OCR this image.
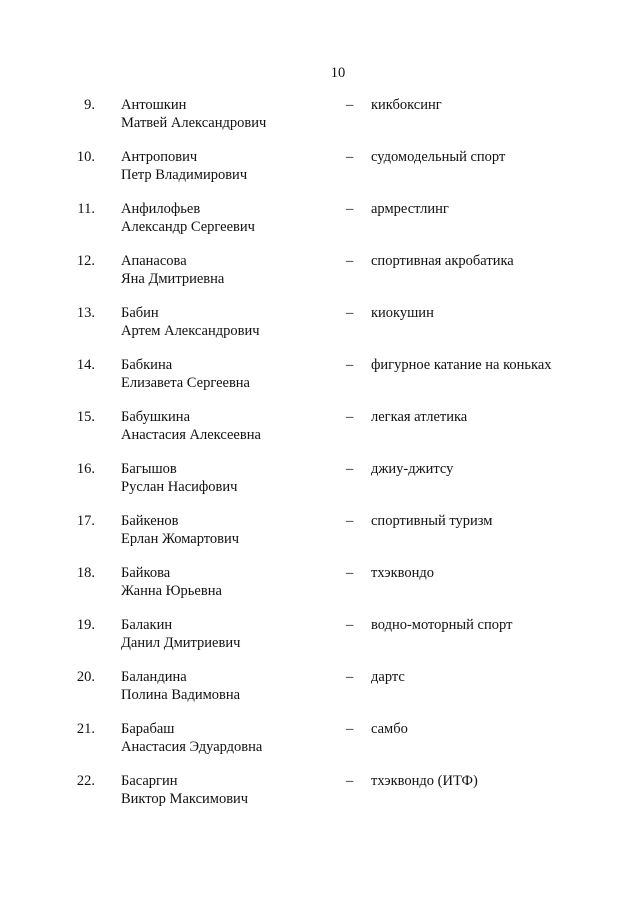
10
9. Антошкин
Матвей Александрович
– кикбоксинг
10. Антропович
Петр Владимирович
– судомодельный спорт
11. Анфилофьев
Александр Сергеевич
– армрестлинг
12. Апанасова
Яна Дмитриевна
– спортивная акробатика
13. Бабин
Артем Александрович
– киокушин
14. Бабкина
Елизавета Сергеевна
– фигурное катание на коньках
15. Бабушкина
Анастасия Алексеевна
– легкая атлетика
16. Багышов
Руслан Насифович
– джиу-джитсу
17. Байкенов
Ерлан Жомартович
– спортивный туризм
18. Байкова
Жанна Юрьевна
– тхэквондо
19. Балакин
Данил Дмитриевич
– водно-моторный спорт
20. Баландина
Полина Вадимовна
– дартс
21. Барабаш
Анастасия Эдуардовна
– самбо
22. Басаргин
Виктор Максимович
– тхэквондо (ИТФ)
